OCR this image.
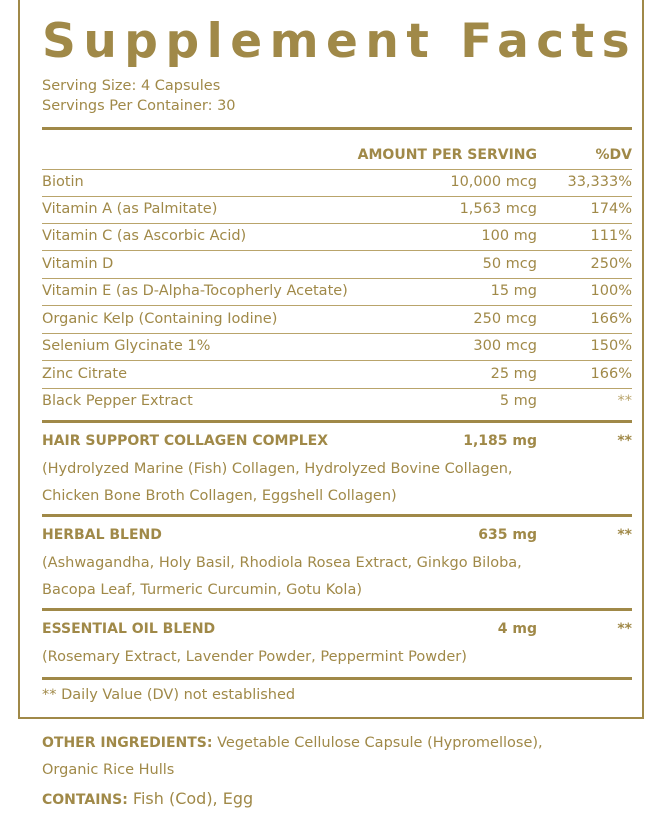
Supplement Facts
Serving Size: 4 Capsules
Servings Per Container: 30
AMOUNT PER SERVING	%DV
Biotin	10,000 mcg 33,333%
Vitamin A (as Palmitate)	1,563 mcg	174%
Vitamin C (as Ascorbic Acid)	100 mg	111%
Vitamin D	50 mcg	250%
Vitamin E (as D-Alpha-Tocopherly Acetate)	15 mg	100%
Organic Kelp (Containing Iodine)	250 mcg	166%
Selenium Glycinate 1%	300 mcg	150%
Zinc Citrate	25 mg	166%
Black Pepper Extract	5 mg	**
HAIR SUPPORT COLLAGEN COMPLEX	1,185 mg	**
(Hydrolyzed Marine (Fish) Collagen, Hydrolyzed Bovine Collagen,
Chicken Bone Broth Collagen, Eggshell Collagen)
HERBAL BLEND	635 mg	**
(Ashwagandha, Holy Basil, Rhodiola Rosea Extract, Ginkgo Biloba,
Bacopa Leaf, Turmeric Curcumin, Gotu Kola)
ESSENTIAL OIL BLEND	4 mg	**
(Rosemary Extract, Lavender Powder, Peppermint Powder)
** Daily Value (DV) not established
OTHER INGREDIENTS: Vegetable Cellulose Capsule (Hypromellose),
Organic Rice Hulls
CONTAINS: Fish (Cod), Egg
